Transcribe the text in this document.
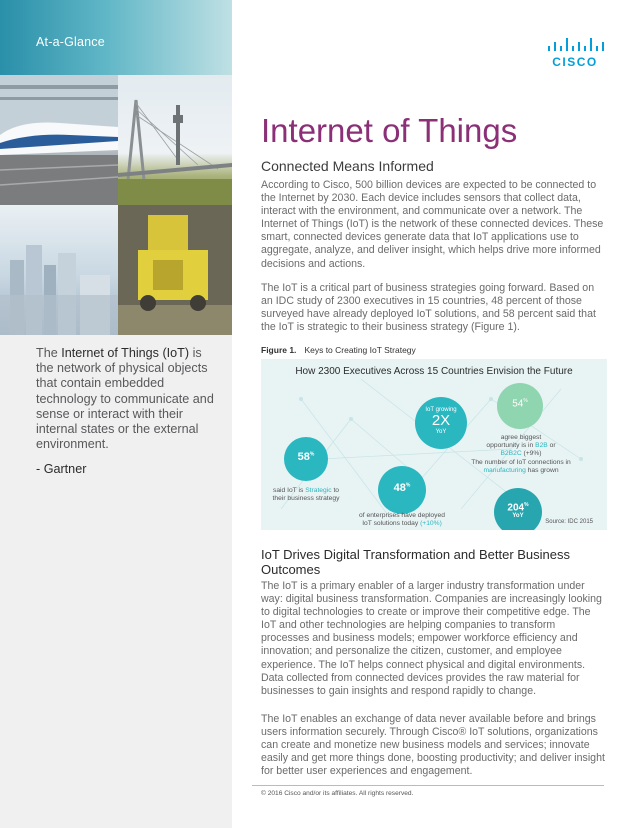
At-a-Glance
The Internet of Things (IoT) is the network of physical objects that contain embedded technology to communicate and sense or interact with their internal states or the external environment.
- Gartner
CISCO
Internet of Things
Connected Means Informed
According to Cisco, 500 billion devices are expected to be connected to the Internet by 2030. Each device includes sensors that collect data, interact with the environment, and communicate over a network. The Internet of Things (IoT) is the network of these connected devices. These smart, connected devices generate data that IoT applications use to aggregate, analyze, and deliver insight, which helps drive more informed decisions and actions.
The IoT is a critical part of business strategies going forward. Based on an IDC study of 2300 executives in 15 countries, 48 percent of those surveyed have already deployed IoT solutions, and 58 percent said that the IoT is strategic to their business strategy (Figure 1).
Figure 1. Keys to Creating IoT Strategy
How 2300 Executives Across 15 Countries Envision the Future
58%
said IoT is Strategic to their business strategy
48%
of enterprises have deployed IoT solutions today (+10%)
IoT growing
2X
YoY
54%
agree biggest opportunity is in B2B or B2B2C (+9%)
The number of IoT connections in manufacturing has grown
204%
YoY
Source: IDC 2015
IoT Drives Digital Transformation and Better Business Outcomes
The IoT is a primary enabler of a larger industry transformation under way: digital business transformation. Companies are increasingly looking to digital technologies to create or improve their competitive edge. The IoT and other technologies are helping companies to transform processes and business models; empower workforce efficiency and innovation; and personalize the citizen, customer, and employee experience. The IoT helps connect physical and digital environments. Data collected from connected devices provides the raw material for businesses to gain insights and respond rapidly to change.
The IoT enables an exchange of data never available before and brings users information securely. Through Cisco® IoT solutions, organizations can create and monetize new business models and services; innovate easily and get more things done, boosting productivity; and deliver insight for better user experiences and engagement.
© 2016 Cisco and/or its affiliates. All rights reserved.
